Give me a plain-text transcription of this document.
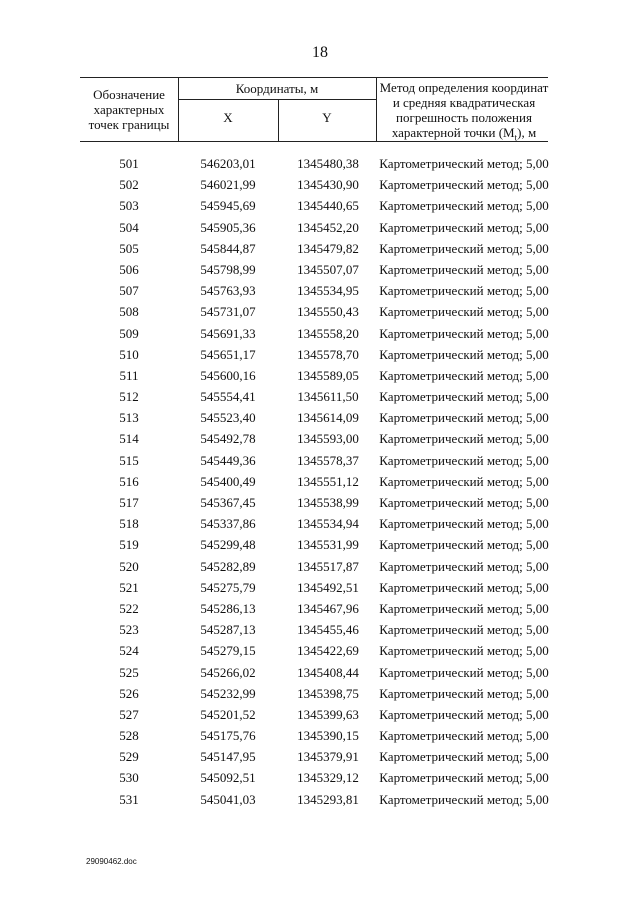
18
Обозначение характерных точек границы
Координаты, м
X	Y
Метод определения координат
и средняя квадратическая
погрешность положения
характерной точки $(M_t)$, м
501	546203,01	1345480,38	Картометрический метод; 5,00
502	546021,99	1345430,90	Картометрический метод; 5,00
503	545945,69	1345440,65	Картометрический метод; 5,00
504	545905,36	1345452,20	Картометрический метод; 5,00
505	545844,87	1345479,82	Картометрический метод; 5,00
506	545798,99	1345507,07	Картометрический метод; 5,00
507	545763,93	1345534,95	Картометрический метод; 5,00
508	545731,07	1345550,43	Картометрический метод; 5,00
509	545691,33	1345558,20	Картометрический метод; 5,00
510	545651,17	1345578,70	Картометрический метод; 5,00
511	545600,16	1345589,05	Картометрический метод; 5,00
512	545554,41	1345611,50	Картометрический метод; 5,00
513	545523,40	1345614,09	Картометрический метод; 5,00
514	545492,78	1345593,00	Картометрический метод; 5,00
515	545449,36	1345578,37	Картометрический метод; 5,00
516	545400,49	1345551,12	Картометрический метод; 5,00
517	545367,45	1345538,99	Картометрический метод; 5,00
518	545337,86	1345534,94	Картометрический метод; 5,00
519	545299,48	1345531,99	Картометрический метод; 5,00
520	545282,89	1345517,87	Картометрический метод; 5,00
521	545275,79	1345492,51	Картометрический метод; 5,00
522	545286,13	1345467,96	Картометрический метод; 5,00
523	545287,13	1345455,46	Картометрический метод; 5,00
524	545279,15	1345422,69	Картометрический метод; 5,00
525	545266,02	1345408,44	Картометрический метод; 5,00
526	545232,99	1345398,75	Картометрический метод; 5,00
527	545201,52	1345399,63	Картометрический метод; 5,00
528	545175,76	1345390,15	Картометрический метод; 5,00
529	545147,95	1345379,91	Картометрический метод; 5,00
530	545092,51	1345329,12	Картометрический метод; 5,00
531	545041,03	1345293,81	Картометрический метод; 5,00
29090462.doc
